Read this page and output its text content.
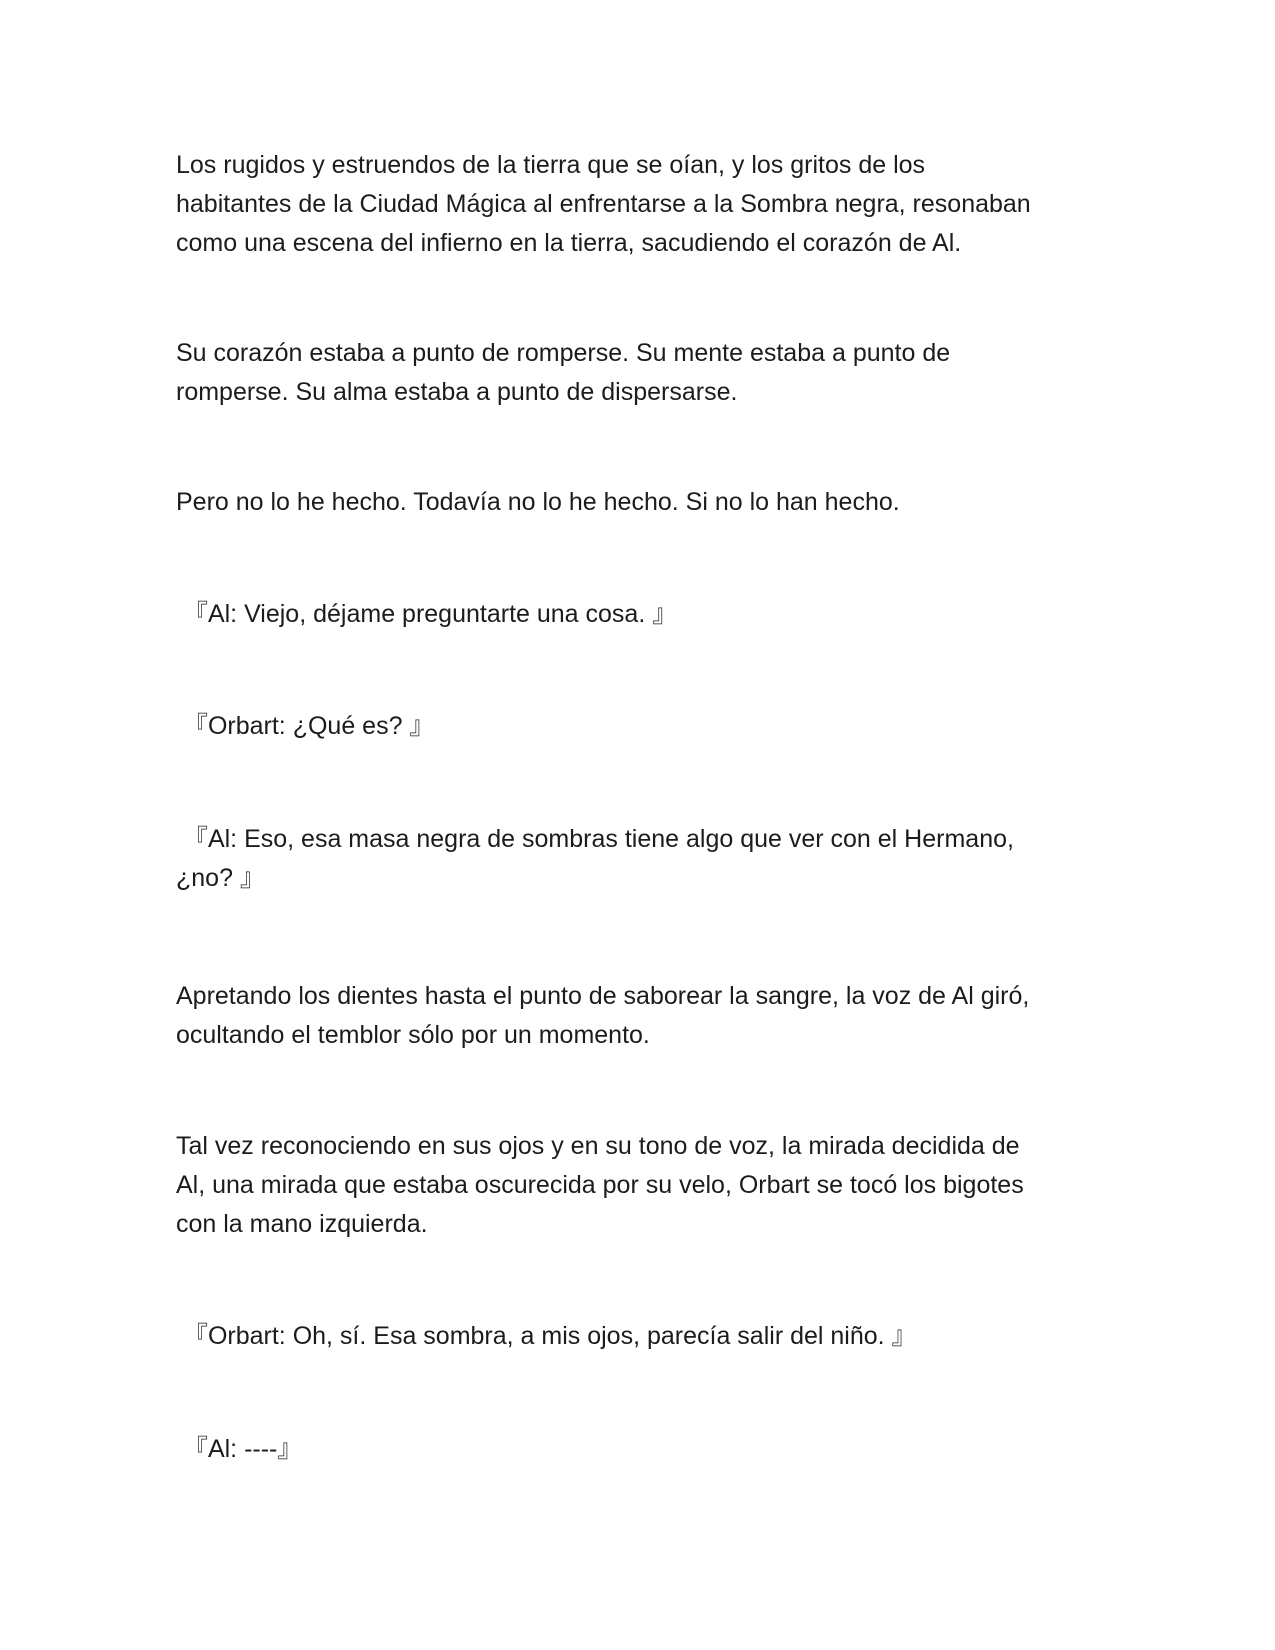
Los rugidos y estruendos de la tierra que se oían, y los gritos de los
habitantes de la Ciudad Mágica al enfrentarse a la Sombra negra, resonaban
como una escena del infierno en la tierra, sacudiendo el corazón de Al.

Su corazón estaba a punto de romperse. Su mente estaba a punto de
romperse. Su alma estaba a punto de dispersarse.

Pero no lo he hecho. Todavía no lo he hecho. Si no lo han hecho.

『Al: Viejo, déjame preguntarte una cosa. 』

『Orbart: ¿Qué es? 』

『Al: Eso, esa masa negra de sombras tiene algo que ver con el Hermano,
¿no? 』

Apretando los dientes hasta el punto de saborear la sangre, la voz de Al giró,
ocultando el temblor sólo por un momento.

Tal vez reconociendo en sus ojos y en su tono de voz, la mirada decidida de
Al, una mirada que estaba oscurecida por su velo, Orbart se tocó los bigotes
con la mano izquierda.

『Orbart: Oh, sí. Esa sombra, a mis ojos, parecía salir del niño. 』

『Al: ----』
